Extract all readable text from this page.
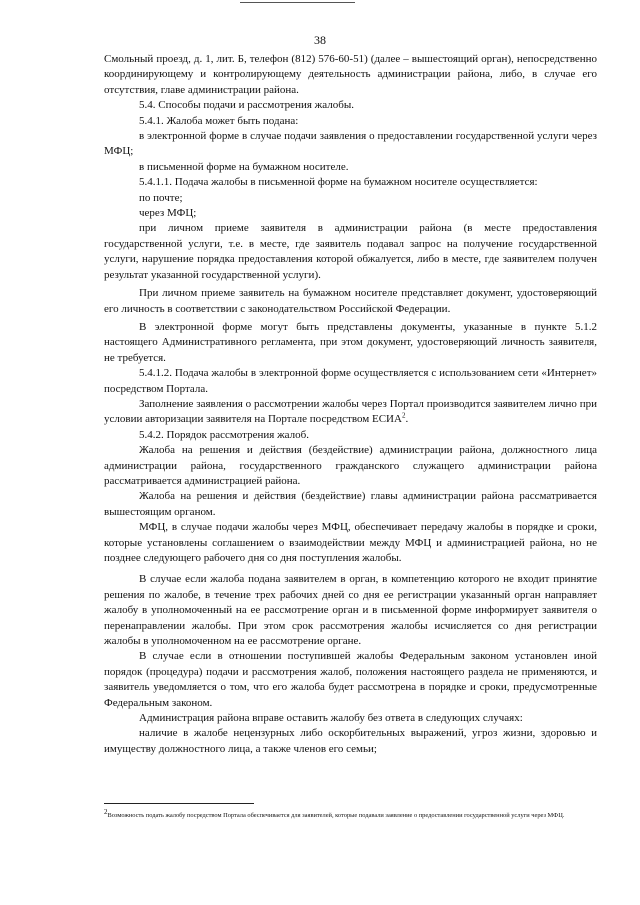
38

Смольный проезд, д. 1, лит. Б, телефон (812) 576-60-51) (далее – вышестоящий орган), непосредственно координирующему и контролирующему деятельность администрации района, либо, в случае его отсутствия, главе администрации района.

5.4. Способы подачи и рассмотрения жалобы.

5.4.1. Жалоба может быть подана:

в электронной форме в случае подачи заявления о предоставлении государственной услуги через МФЦ;

в письменной форме на бумажном носителе.

5.4.1.1. Подача жалобы в письменной форме на бумажном носителе осуществляется:

по почте;

через МФЦ;

при личном приеме заявителя в администрации района (в месте предоставления государственной услуги, т.е. в месте, где заявитель подавал запрос на получение государственной услуги, нарушение порядка предоставления которой обжалуется, либо в месте, где заявителем получен результат указанной государственной услуги).

При личном приеме заявитель на бумажном носителе представляет документ, удостоверяющий его личность в соответствии с законодательством Российской Федерации.

В электронной форме могут быть представлены документы, указанные в пункте 5.1.2 настоящего Административного регламента, при этом документ, удостоверяющий личность заявителя, не требуется.

5.4.1.2. Подача жалобы в электронной форме осуществляется с использованием сети «Интернет» посредством Портала.

Заполнение заявления о рассмотрении жалобы через Портал производится заявителем лично при условии авторизации заявителя на Портале посредством ЕСИА$^2$.

5.4.2. Порядок рассмотрения жалоб.

Жалоба на решения и действия (бездействие) администрации района, должностного лица администрации района, государственного гражданского служащего администрации района рассматривается администрацией района.

Жалоба на решения и действия (бездействие) главы администрации района рассматривается вышестоящим органом.

МФЦ, в случае подачи жалобы через МФЦ, обеспечивает передачу жалобы в порядке и сроки, которые установлены соглашением о взаимодействии между МФЦ и администрацией района, но не позднее следующего рабочего дня со дня поступления жалобы.

В случае если жалоба подана заявителем в орган, в компетенцию которого не входит принятие решения по жалобе, в течение трех рабочих дней со дня ее регистрации указанный орган направляет жалобу в уполномоченный на ее рассмотрение орган и в письменной форме информирует заявителя о перенаправлении жалобы. При этом срок рассмотрения жалобы исчисляется со дня регистрации жалобы в уполномоченном на ее рассмотрение органе.

В случае если в отношении поступившей жалобы Федеральным законом установлен иной порядок (процедура) подачи и рассмотрения жалоб, положения настоящего раздела не применяются, и заявитель уведомляется о том, что его жалоба будет рассмотрена в порядке и сроки, предусмотренные Федеральным законом.

Администрация района вправе оставить жалобу без ответа в следующих случаях:

наличие в жалобе нецензурных либо оскорбительных выражений, угроз жизни, здоровью и имуществу должностного лица, а также членов его семьи;

$^2$Возможность подать жалобу посредством Портала обеспечивается для заявителей, которые подавали заявление о предоставлении государственной услуги через МФЦ.
